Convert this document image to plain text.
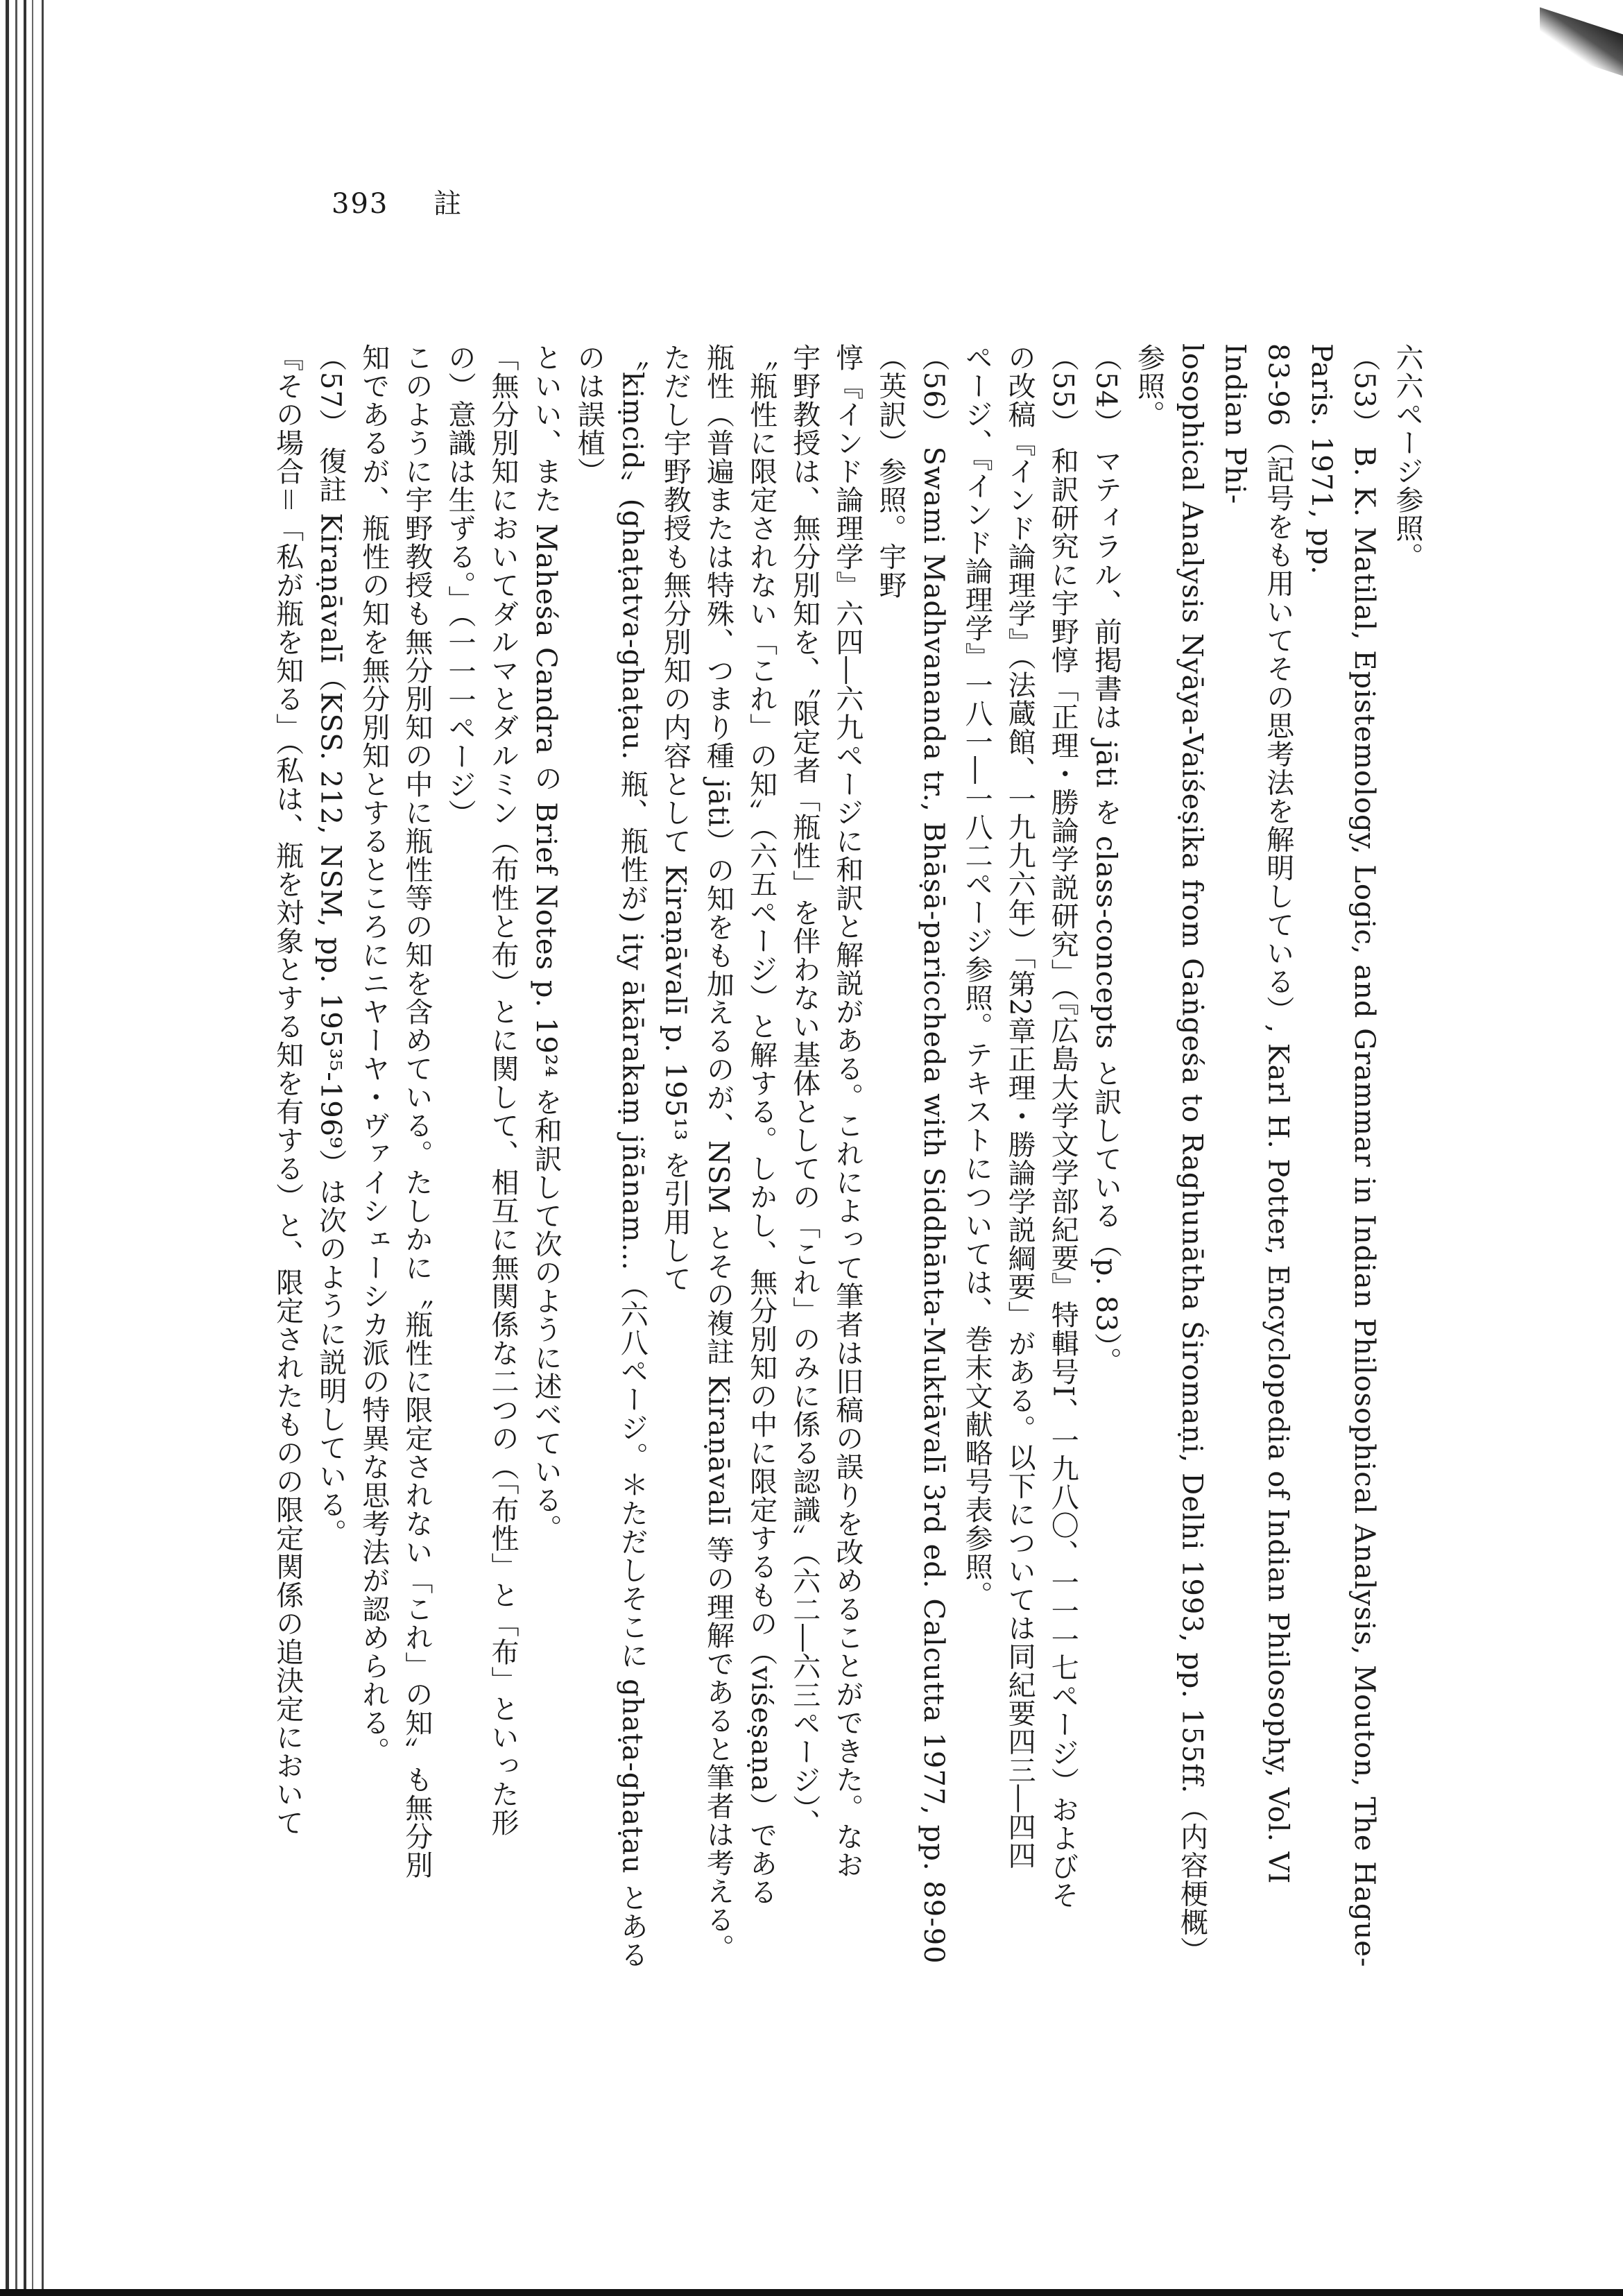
393 註

六六ページ参照。

（53） B. K. Matilal, Epistemology, Logic, and Grammar in Indian Philosophical Analysis, Mouton, The Hague-Paris. 1971, pp.

83-96（記号をも用いてその思考法を解明している）, Karl H. Potter, Encyclopedia of Indian Philosophy, Vol. VI Indian Phi-

losophical Analysis Nyāya-Vaiśeṣika from Gaṅgeśa to Raghunātha Śiromaṇi, Delhi 1993, pp. 155ff.（内容梗概）参照。

（54） マティラル、前掲書は jāti を class-concepts と訳している（p. 83）。

（55） 和訳研究に宇野惇「正理・勝論学説研究」（『広島大学文学部紀要』特輯号I、一九八〇、一一一七ページ）およびそ

の改稿『インド論理学』（法蔵館、一九九六年）「第2章正理・勝論学説綱要」がある。以下については同紀要四三―四四

ページ、『インド論理学』一八一―一八二ページ参照。テキストについては、巻末文献略号表参照。

（56） Swami Madhvananda tr., Bhāṣā-pariccheda with Siddhānta-Muktāvalī 3rd ed. Calcutta 1977, pp. 89-90（英訳）参照。宇野

惇『インド論理学』六四―六九ページに和訳と解説がある。これによって筆者は旧稿の誤りを改めることができた。なお

宇野教授は、無分別知を、〝限定者「瓶性」を伴わない基体としての「これ」のみに係る認識〟（六二―六三ページ）、

〝瓶性に限定されない「これ」の知〟（六五ページ）と解する。しかし、無分別知の中に限定するもの（viśeṣaṇa）である

瓶性（普遍または特殊、つまり種 jāti）の知をも加えるのが、NSM とその複註 Kiraṇāvalī 等の理解であると筆者は考える。

ただし宇野教授も無分別知の内容として Kiraṇāvalī p. 195¹³ を引用して

〝kiṃcid〟(ghaṭatva-ghaṭau. 瓶、瓶性が) ity ākārakaṃ jñānam…（六八ページ。＊ただしそこに ghaṭa-ghaṭau とあるのは誤植）

といい、また Maheśa Candra の Brief Notes p. 19²⁴ を和訳して次のように述べている。

「無分別知においてダルマとダルミン（布性と布）とに関して、相互に無関係な二つの（「布性」と「布」といった形

の）意識は生ずる。」（一一一ページ）

このように宇野教授も無分別知の中に瓶性等の知を含めている。たしかに〝瓶性に限定されない「これ」の知〟も無分別

知であるが、瓶性の知を無分別知とするところにニヤーヤ・ヴァイシェーシカ派の特異な思考法が認められる。

（57） 復註 Kiraṇāvalī（KSS. 212, NSM, pp. 195³⁵-196⁹）は次のように説明している。

『その場合＝「私が瓶を知る」（私は、瓶を対象とする知を有する）と、限定されたものの限定関係の追決定において
